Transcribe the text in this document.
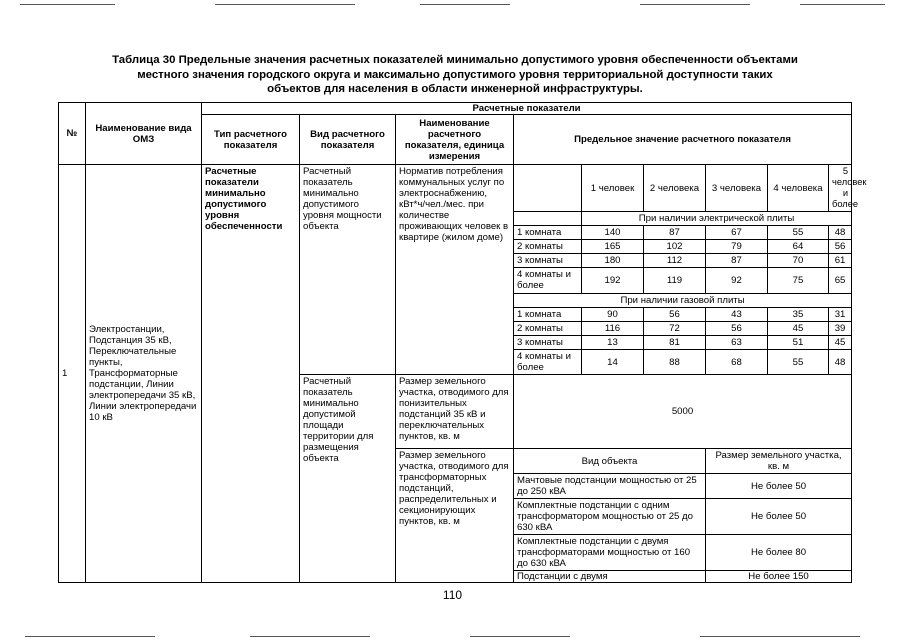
Таблица 30 Предельные значения расчетных показателей минимально допустимого уровня обеспеченности объектами
местного значения городского округа и максимально допустимого уровня территориальной доступности таких
объектов для населения в области инженерной инфраструктуры.
№	Наименование вида ОМЗ	Расчетные показатели								
		Тип расчетного показателя	Вид расчетного показателя	Наименование расчетного показателя, единица измерения	Предельное значение расчетного показателя					
1	Электростанции, Подстанция 35 кВ, Переключательные пункты, Трансформаторные подстанции, Линии электропередачи 35 кВ, Линии электропередачи 10 кВ	Расчетные показатели минимально допустимого уровня обеспеченности	Расчетный показатель минимально допустимого уровня мощности объекта	Норматив потребления коммунальных услуг по электроснабжению, кВт*ч/чел./мес. при количестве проживающих человек в квартире (жилом доме)		1 человек	2 человека	3 человека	4 человека	5 человек и более
						При наличии электрической плиты				
					1 комната	140	87	67	55	48
					2 комнаты	165	102	79	64	56
					3 комнаты	180	112	87	70	61
					4 комнаты и более	192	119	92	75	65
					При наличии газовой плиты					
					1 комната	90	56	43	35	31
					2 комнаты	116	72	56	45	39
					3 комнаты	13	81	63	51	45
					4 комнаты и более	14	88	68	55	48
			Расчетный показатель минимально допустимой площади территории для размещения объекта	Размер земельного участка, отводимого для понизительных подстанций 35 кВ и переключательных пунктов, кв. м	5000					
				Размер земельного участка, отводимого для трансформаторных подстанций, распределительных и секционирующих пунктов, кв. м	Вид объекта			Размер земельного участка, кв. м		
					Мачтовые подстанции мощностью от 25 до 250 кВА			Не более 50		
					Комплектные подстанции с одним трансформатором мощностью от 25 до 630 кВА			Не более 50		
					Комплектные подстанции с двумя трансформаторами мощностью от 160 до 630 кВА			Не более 80		
					Подстанции с двумя			Не более 150		
110
